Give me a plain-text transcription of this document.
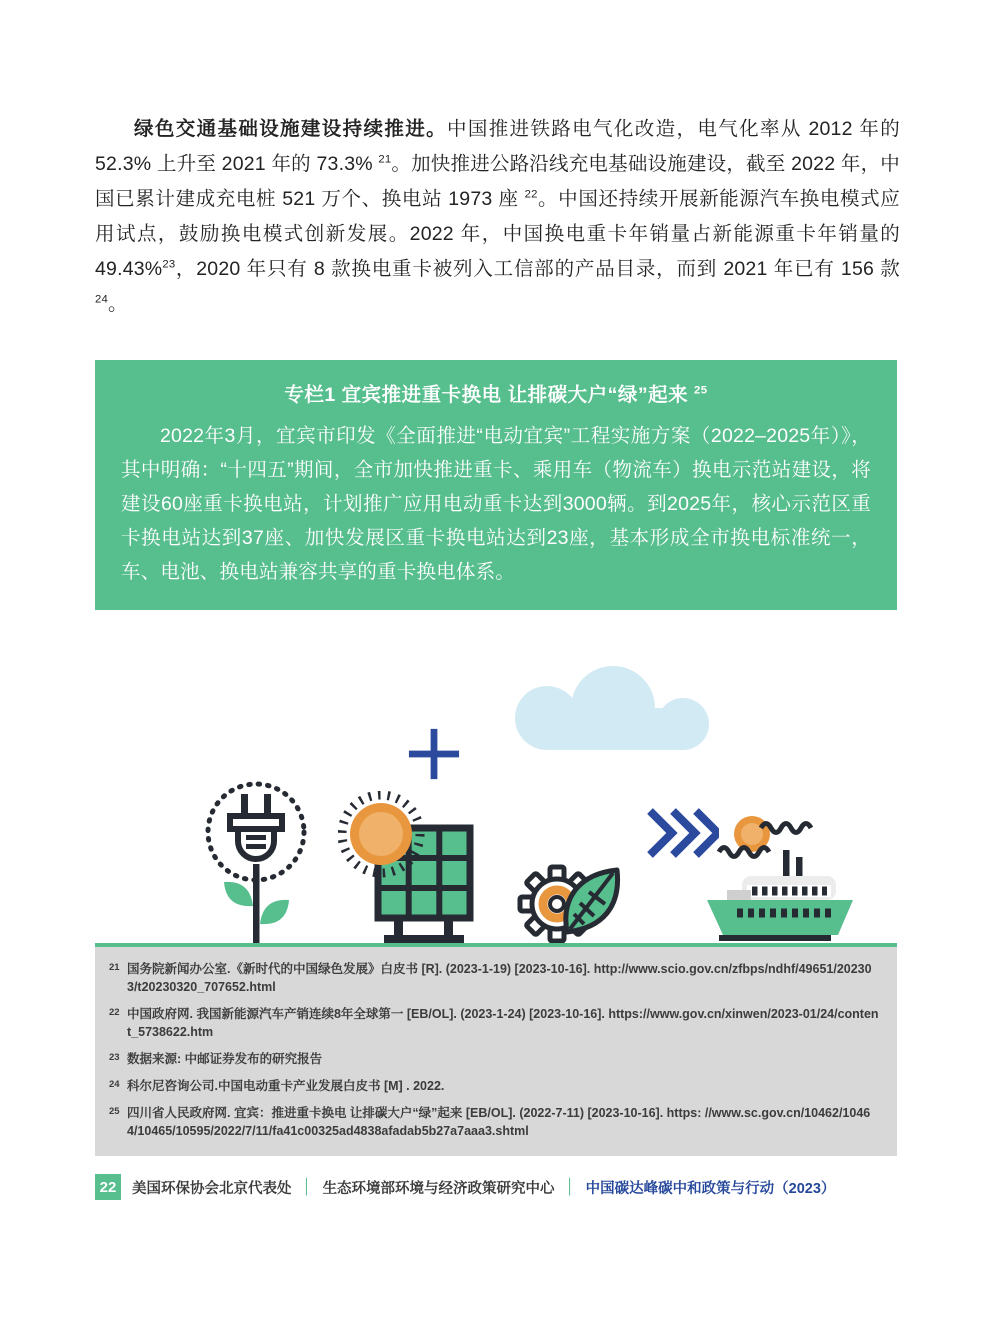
绿色交通基础设施建设持续推进。中国推进铁路电气化改造，电气化率从 2012 年的 52.3% 上升至 2021 年的 73.3% $^{21}$。加快推进公路沿线充电基础设施建设，截至 2022 年，中国已累计建成充电桩 521 万个、换电站 1973 座 $^{22}$。中国还持续开展新能源汽车换电模式应用试点，鼓励换电模式创新发展。2022 年，中国换电重卡年销量占新能源重卡年销量的 49.43%$^{23}$，2020 年只有 8 款换电重卡被列入工信部的产品目录，而到 2021 年已有 156 款 $^{24}$。

专栏1 宜宾推进重卡换电 让排碳大户“绿”起来 $^{25}$

2022年3月，宜宾市印发《全面推进“电动宜宾”工程实施方案（2022–2025年）》，其中明确：“十四五”期间，全市加快推进重卡、乘用车（物流车）换电示范站建设，将建设60座重卡换电站，计划推广应用电动重卡达到3000辆。到2025年，核心示范区重卡换电站达到37座、加快发展区重卡换电站达到23座，基本形成全市换电标准统一，车、电池、换电站兼容共享的重卡换电体系。

21 国务院新闻办公室.《新时代的中国绿色发展》白皮书 [R]. (2023-1-19) [2023-10-16]. http://www.scio.gov.cn/zfbps/ndhf/49651/202303/t20230320_707652.html
22 中国政府网. 我国新能源汽车产销连续8年全球第一 [EB/OL]. (2023-1-24) [2023-10-16]. https://www.gov.cn/xinwen/2023-01/24/content_5738622.htm
23 数据来源: 中邮证券发布的研究报告
24 科尔尼咨询公司.中国电动重卡产业发展白皮书 [M] . 2022.
25 四川省人民政府网. 宜宾：推进重卡换电 让排碳大户“绿”起来 [EB/OL]. (2022-7-11) [2023-10-16]. https: //www.sc.gov.cn/10462/10464/10465/10595/2022/7/11/fa41c00325ad4838afadab5b27a7aaa3.shtml
22	美国环保协会北京代表处 │ 生态环境部环境与经济政策研究中心 │ 中国碳达峰碳中和政策与行动（2023）
